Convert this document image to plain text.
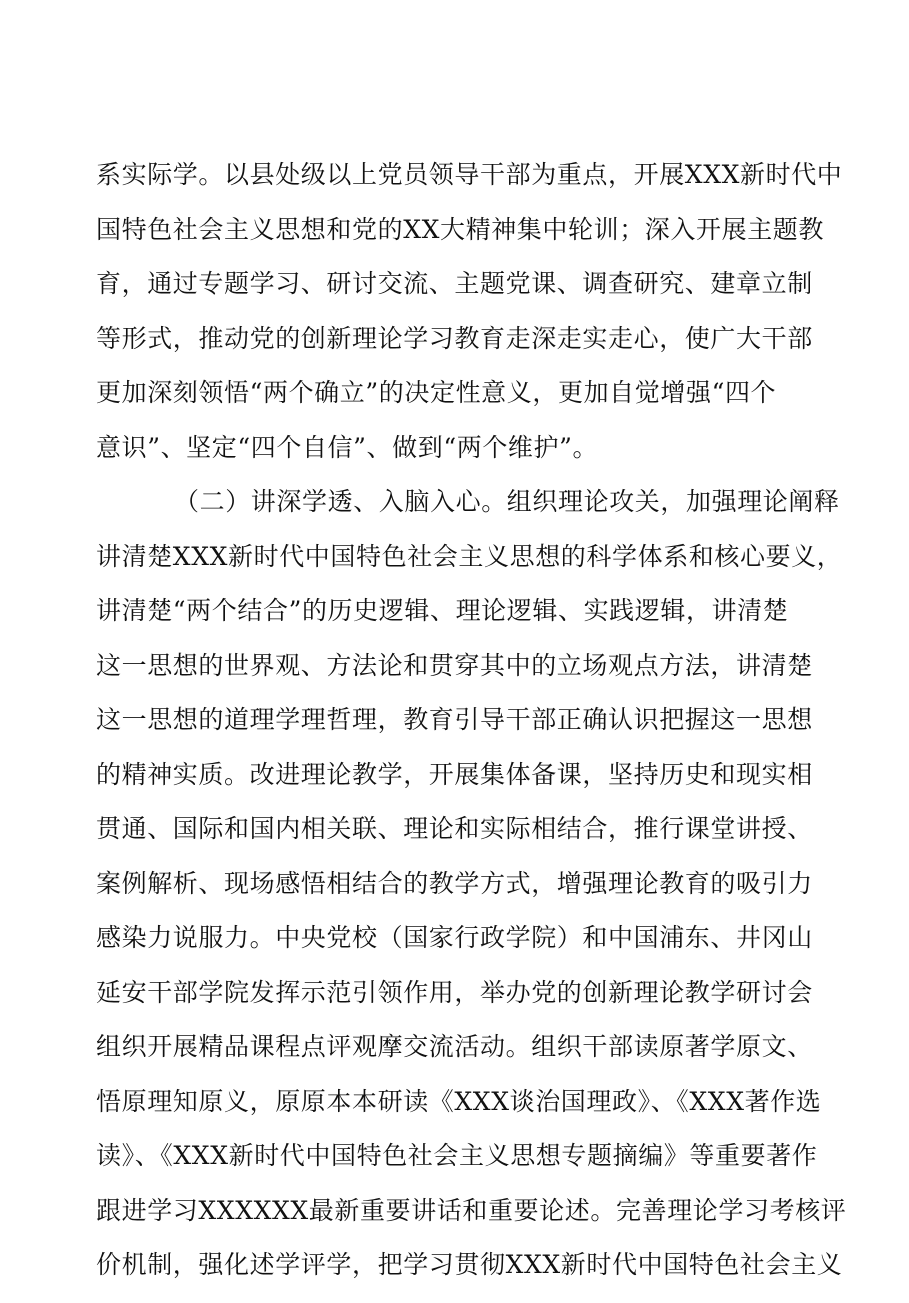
系实际学。以县处级以上党员领导干部为重点，开展XXX新时代中
国特色社会主义思想和党的XX大精神集中轮训；深入开展主题教
育，通过专题学习、研讨交流、主题党课、调查研究、建章立制
等形式，推动党的创新理论学习教育走深走实走心，使广大干部
更加深刻领悟“两个确立”的决定性意义，更加自觉增强“四个
意识”、坚定“四个自信”、做到“两个维护”。
（二）讲深学透、入脑入心。组织理论攻关，加强理论阐释
讲清楚XXX新时代中国特色社会主义思想的科学体系和核心要义，
讲清楚“两个结合”的历史逻辑、理论逻辑、实践逻辑，讲清楚
这一思想的世界观、方法论和贯穿其中的立场观点方法，讲清楚
这一思想的道理学理哲理，教育引导干部正确认识把握这一思想
的精神实质。改进理论教学，开展集体备课，坚持历史和现实相
贯通、国际和国内相关联、理论和实际相结合，推行课堂讲授、
案例解析、现场感悟相结合的教学方式，增强理论教育的吸引力
感染力说服力。中央党校（国家行政学院）和中国浦东、井冈山
延安干部学院发挥示范引领作用，举办党的创新理论教学研讨会
组织开展精品课程点评观摩交流活动。组织干部读原著学原文、
悟原理知原义，原原本本研读《XXX谈治国理政》、《XXX著作选
读》、《XXX新时代中国特色社会主义思想专题摘编》等重要著作
跟进学习XXXXXX最新重要讲话和重要论述。完善理论学习考核评
价机制，强化述学评学，把学习贯彻XXX新时代中国特色社会主义
